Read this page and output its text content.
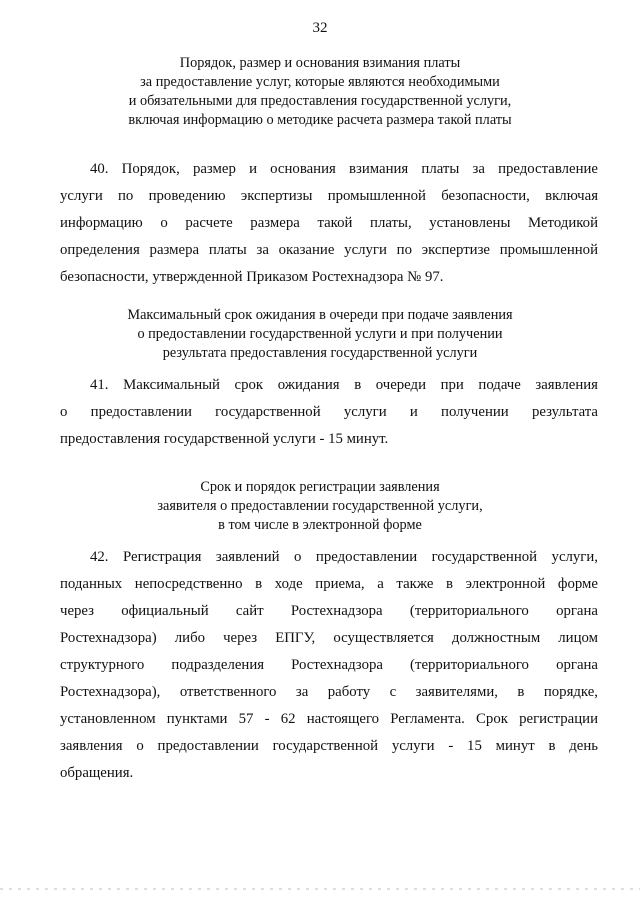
32
Порядок, размер и основания взимания платы
за предоставление услуг, которые являются необходимыми
и обязательными для предоставления государственной услуги,
включая информацию о методике расчета размера такой платы
40. Порядок, размер и основания взимания платы за предоставление
услуги по проведению экспертизы промышленной безопасности, включая
информацию о расчете размера такой платы, установлены Методикой
определения размера платы за оказание услуги по экспертизе промышленной
безопасности, утвержденной Приказом Ростехнадзора № 97.
Максимальный срок ожидания в очереди при подаче заявления
о предоставлении государственной услуги и при получении
результата предоставления государственной услуги
41. Максимальный срок ожидания в очереди при подаче заявления
о предоставлении государственной услуги и получении результата
предоставления государственной услуги - 15 минут.
Срок и порядок регистрации заявления
заявителя о предоставлении государственной услуги,
в том числе в электронной форме
42. Регистрация заявлений о предоставлении государственной услуги,
поданных непосредственно в ходе приема, а также в электронной форме
через официальный сайт Ростехнадзора (территориального органа
Ростехнадзора) либо через ЕПГУ, осуществляется должностным лицом
структурного подразделения Ростехнадзора (территориального органа
Ростехнадзора), ответственного за работу с заявителями, в порядке,
установленном пунктами 57 - 62 настоящего Регламента. Срок регистрации
заявления о предоставлении государственной услуги - 15 минут в день
обращения.
